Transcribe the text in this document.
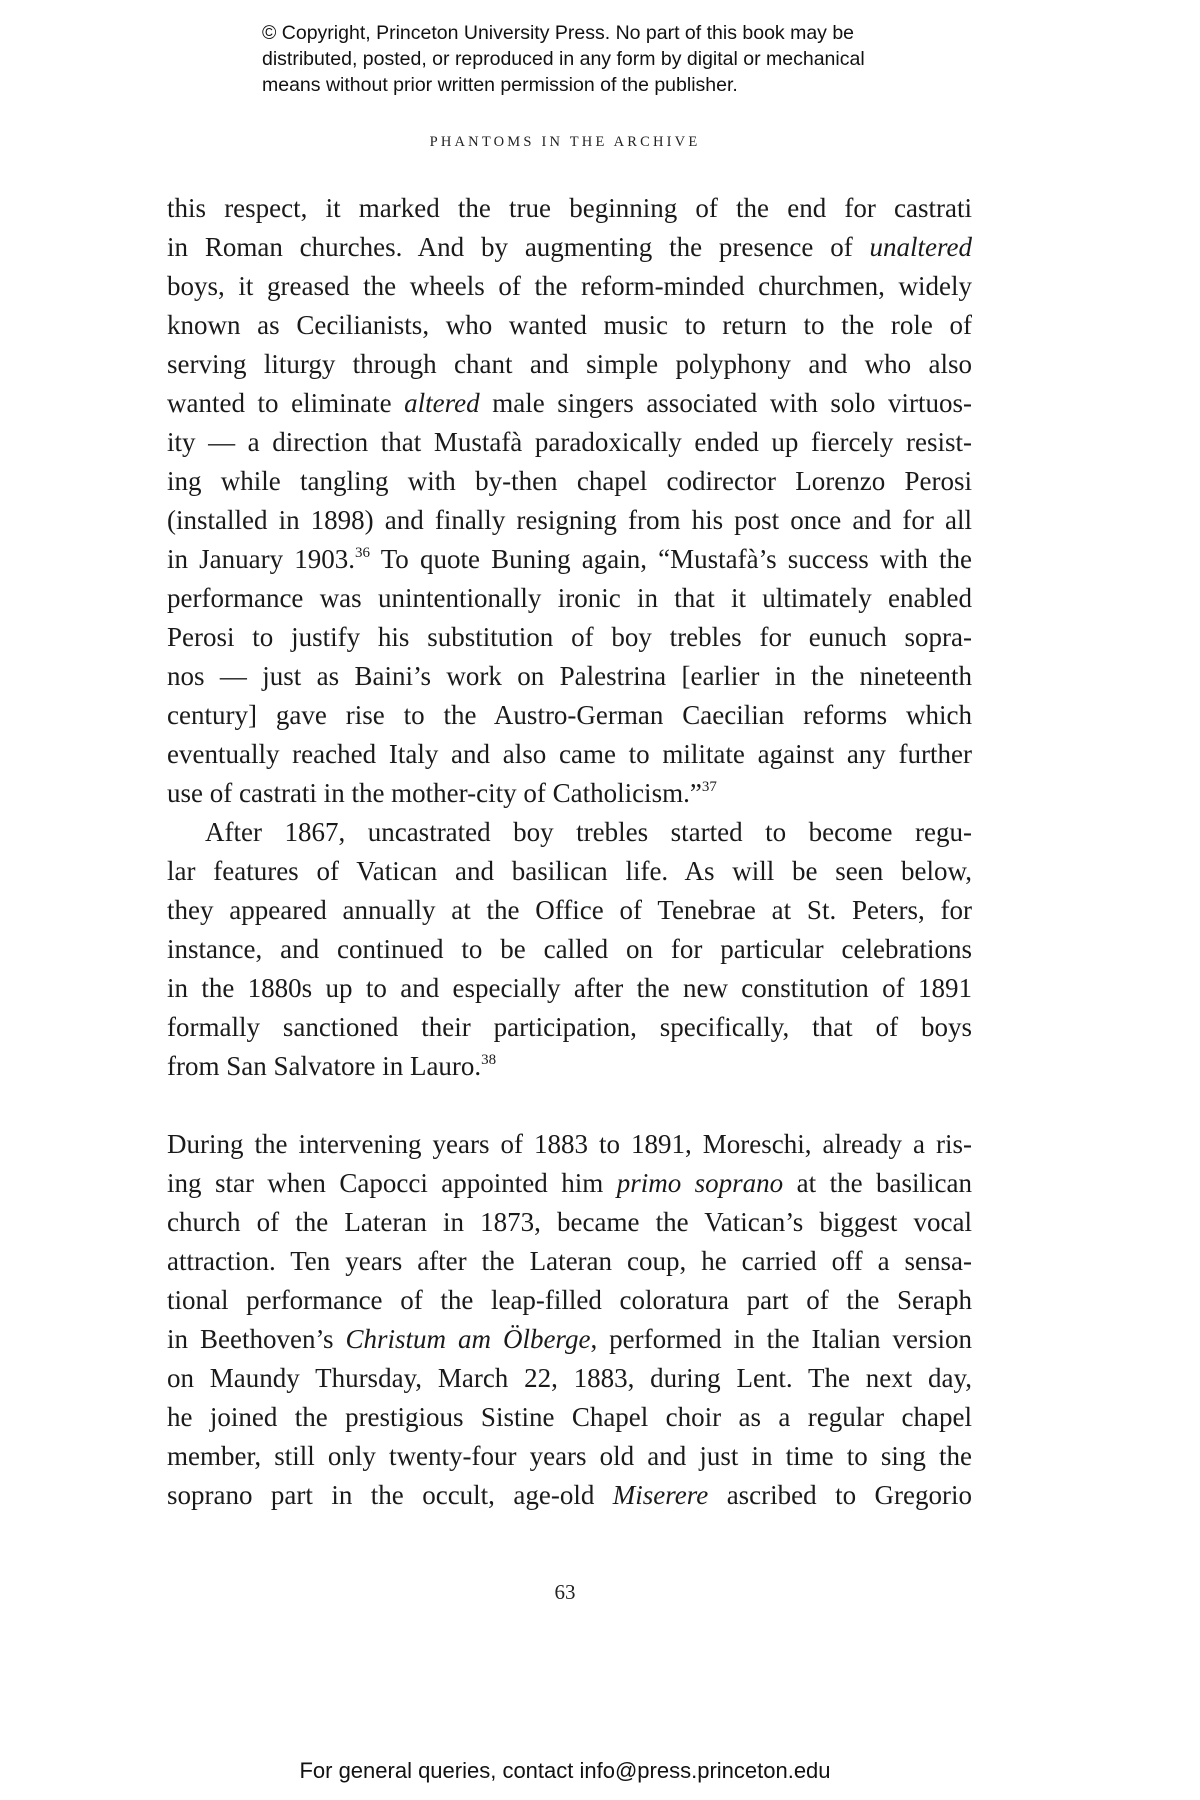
© Copyright, Princeton University Press. No part of this book may be
distributed, posted, or reproduced in any form by digital or mechanical
means without prior written permission of the publisher.
PHANTOMS IN THE ARCHIVE
this respect, it marked the true beginning of the end for castrati
in Roman churches. And by augmenting the presence of unaltered
boys, it greased the wheels of the reform-minded churchmen, widely
known as Cecilianists, who wanted music to return to the role of
serving liturgy through chant and simple polyphony and who also
wanted to eliminate altered male singers associated with solo virtuos-
ity — a direction that Mustafà paradoxically ended up fiercely resist-
ing while tangling with by-then chapel codirector Lorenzo Perosi
(installed in 1898) and finally resigning from his post once and for all
in January 1903.36 To quote Buning again, “Mustafà’s success with the
performance was unintentionally ironic in that it ultimately enabled
Perosi to justify his substitution of boy trebles for eunuch sopra-
nos — just as Baini’s work on Palestrina [earlier in the nineteenth
century] gave rise to the Austro-German Caecilian reforms which
eventually reached Italy and also came to militate against any further
use of castrati in the mother-city of Catholicism.”$^{37}$
After 1867, uncastrated boy trebles started to become regu-
lar features of Vatican and basilican life. As will be seen below,
they appeared annually at the Office of Tenebrae at St. Peters, for
instance, and continued to be called on for particular celebrations
in the 1880s up to and especially after the new constitution of 1891
formally sanctioned their participation, specifically, that of boys
from San Salvatore in Lauro.$^{38}$
During the intervening years of 1883 to 1891, Moreschi, already a ris-
ing star when Capocci appointed him primo soprano at the basilican
church of the Lateran in 1873, became the Vatican’s biggest vocal
attraction. Ten years after the Lateran coup, he carried off a sensa-
tional performance of the leap-filled coloratura part of the Seraph
in Beethoven’s Christum am Ölberge, performed in the Italian version
on Maundy Thursday, March 22, 1883, during Lent. The next day,
he joined the prestigious Sistine Chapel choir as a regular chapel
member, still only twenty-four years old and just in time to sing the
soprano part in the occult, age-old Miserere ascribed to Gregorio
63
For general queries, contact info@press.princeton.edu
